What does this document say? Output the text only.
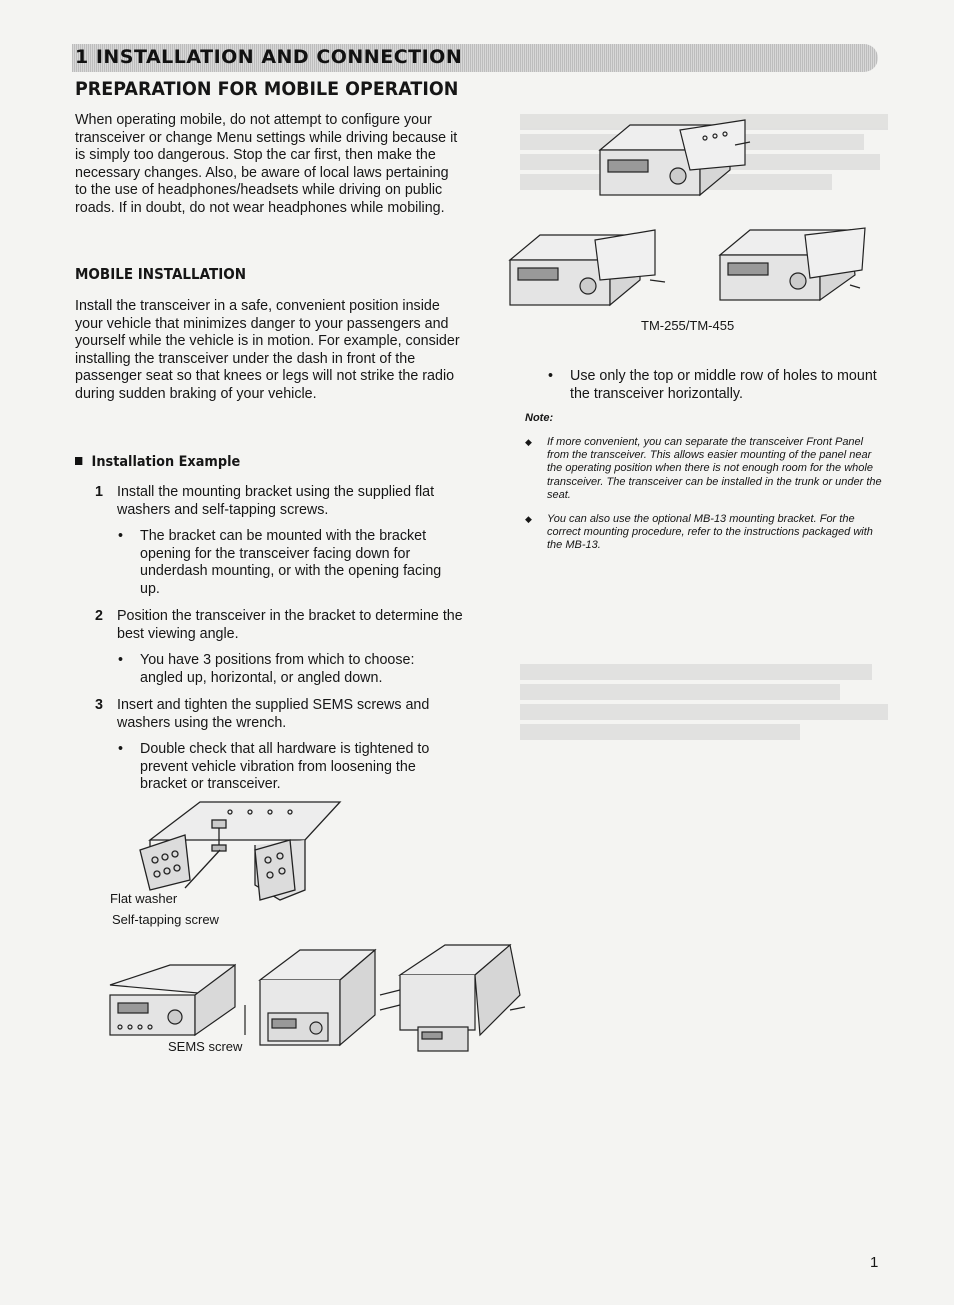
1 INSTALLATION AND CONNECTION
PREPARATION FOR MOBILE OPERATION

When operating mobile, do not attempt to configure your transceiver or change Menu settings while driving because it is simply too dangerous. Stop the car first, then make the necessary changes. Also, be aware of local laws pertaining to the use of headphones/headsets while driving on public roads. If in doubt, do not wear headphones while mobiling.

MOBILE INSTALLATION

Install the transceiver in a safe, convenient position inside your vehicle that minimizes danger to your passengers and yourself while the vehicle is in motion. For example, consider installing the transceiver under the dash in front of the passenger seat so that knees or legs will not strike the radio during sudden braking of your vehicle.

Installation Example
1 Install the mounting bracket using the supplied flat washers and self-tapping screws.
• The bracket can be mounted with the bracket opening for the transceiver facing down for underdash mounting, or with the opening facing up.
2 Position the transceiver in the bracket to determine the best viewing angle.
• You have 3 positions from which to choose: angled up, horizontal, or angled down.
3 Insert and tighten the supplied SEMS screws and washers using the wrench.
• Double check that all hardware is tightened to prevent vehicle vibration from loosening the bracket or transceiver.
Flat washer
Self-tapping screw
SEMS screw
TM-255/TM-455
• Use only the top or middle row of holes to mount the transceiver horizontally.
Note:
◆ If more convenient, you can separate the transceiver Front Panel from the transceiver. This allows easier mounting of the panel near the operating position when there is not enough room for the whole transceiver. The transceiver can be installed in the trunk or under the seat.
◆ You can also use the optional MB-13 mounting bracket. For the correct mounting procedure, refer to the instructions packaged with the MB-13.
1
